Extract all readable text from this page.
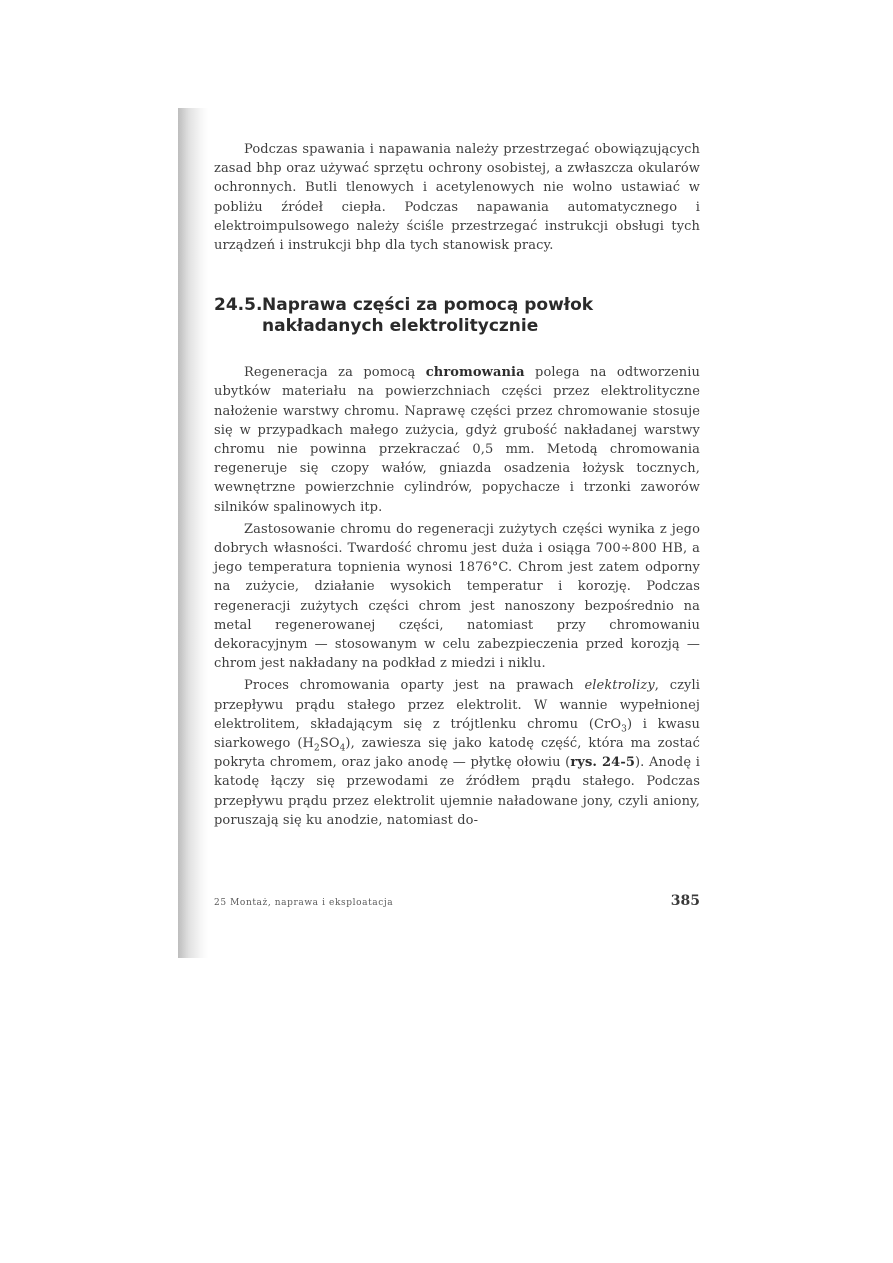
Podczas spawania i napawania należy przestrzegać obowiązujących zasad bhp oraz używać sprzętu ochrony osobistej, a zwłaszcza okularów ochronnych. Butli tlenowych i acetylenowych nie wolno ustawiać w pobliżu źródeł ciepła. Podczas napawania automatycznego i elektroimpulsowego należy ściśle przestrzegać instrukcji obsługi tych urządzeń i instrukcji bhp dla tych stanowisk pracy.

24.5. Naprawa części za pomocą powłok nakładanych elektrolitycznie

Regeneracja za pomocą chromowania polega na odtworzeniu ubytków materiału na powierzchniach części przez elektrolityczne nałożenie warstwy chromu. Naprawę części przez chromowanie stosuje się w przypadkach małego zużycia, gdyż grubość nakładanej warstwy chromu nie powinna przekraczać 0,5 mm. Metodą chromowania regeneruje się czopy wałów, gniazda osadzenia łożysk tocznych, wewnętrzne powierzchnie cylindrów, popychacze i trzonki zaworów silników spalinowych itp.

Zastosowanie chromu do regeneracji zużytych części wynika z jego dobrych własności. Twardość chromu jest duża i osiąga 700÷800 HB, a jego temperatura topnienia wynosi 1876°C. Chrom jest zatem odporny na zużycie, działanie wysokich temperatur i korozję. Podczas regeneracji zużytych części chrom jest nanoszony bezpośrednio na metal regenerowanej części, natomiast przy chromowaniu dekoracyjnym — stosowanym w celu zabezpieczenia przed korozją — chrom jest nakładany na podkład z miedzi i niklu.

Proces chromowania oparty jest na prawach elektrolizy, czyli przepływu prądu stałego przez elektrolit. W wannie wypełnionej elektrolitem, składającym się z trójtlenku chromu (CrO$_3$) i kwasu siarkowego $(H_2SO_4)$, zawiesza się jako katodę część, która ma zostać pokryta chromem, oraz jako anodę — płytkę ołowiu (rys. 24-5). Anodę i katodę łączy się przewodami ze źródłem prądu stałego. Podczas przepływu prądu przez elektrolit ujemnie naładowane jony, czyli aniony, poruszają się ku anodzie, natomiast do-

25 Montaż, naprawa i eksploatacja	385
